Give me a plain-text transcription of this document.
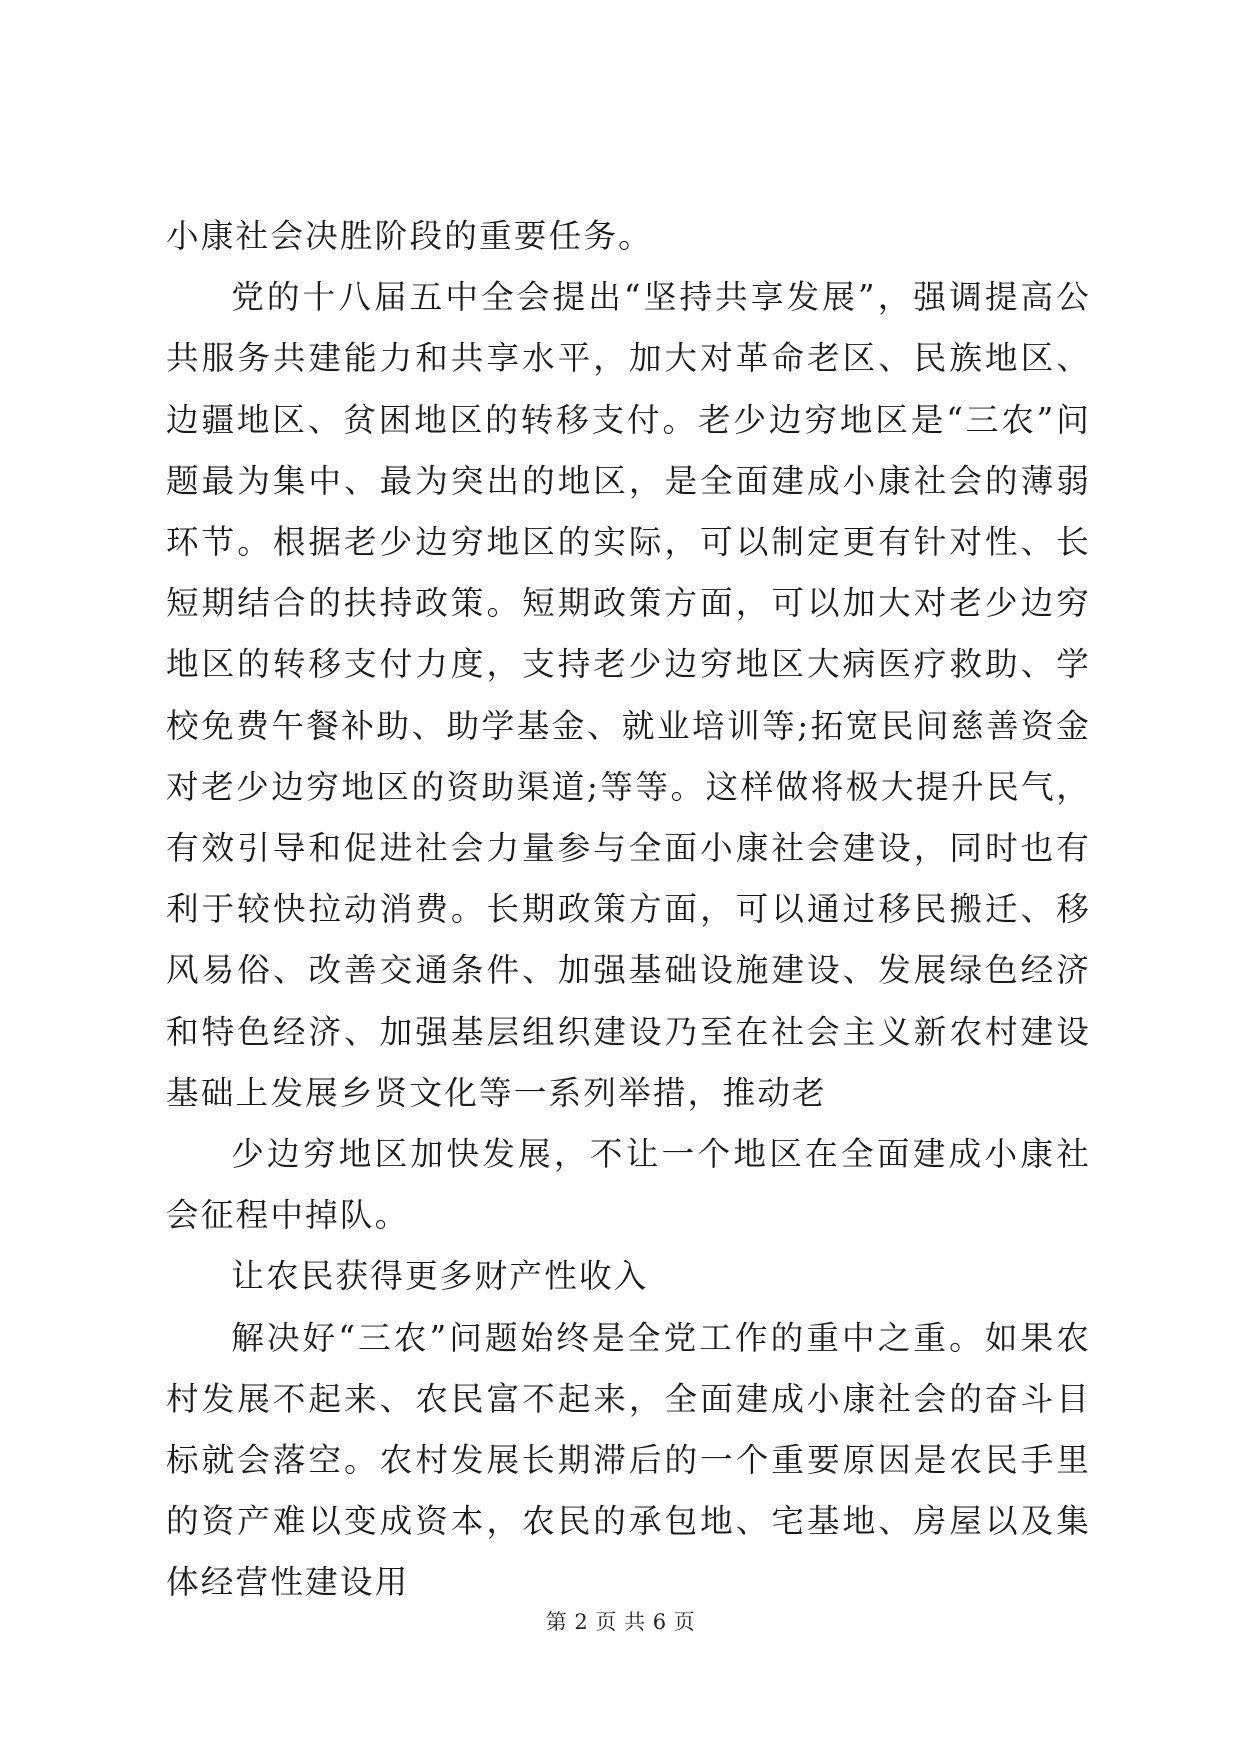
小康社会决胜阶段的重要任务。

党的十八届五中全会提出“坚持共享发展”，强调提高公共服务共建能力和共享水平，加大对革命老区、民族地区、边疆地区、贫困地区的转移支付。老少边穷地区是“三农”问题最为集中、最为突出的地区，是全面建成小康社会的薄弱环节。根据老少边穷地区的实际，可以制定更有针对性、长短期结合的扶持政策。短期政策方面，可以加大对老少边穷地区的转移支付力度，支持老少边穷地区大病医疗救助、学校免费午餐补助、助学基金、就业培训等;拓宽民间慈善资金对老少边穷地区的资助渠道;等等。这样做将极大提升民气，有效引导和促进社会力量参与全面小康社会建设，同时也有利于较快拉动消费。长期政策方面，可以通过移民搬迁、移风易俗、改善交通条件、加强基础设施建设、发展绿色经济和特色经济、加强基层组织建设乃至在社会主义新农村建设基础上发展乡贤文化等一系列举措，推动老

少边穷地区加快发展，不让一个地区在全面建成小康社会征程中掉队。

让农民获得更多财产性收入

解决好“三农”问题始终是全党工作的重中之重。如果农村发展不起来、农民富不起来，全面建成小康社会的奋斗目标就会落空。农村发展长期滞后的一个重要原因是农民手里的资产难以变成资本，农民的承包地、宅基地、房屋以及集体经营性建设用

第 2 页 共 6 页
